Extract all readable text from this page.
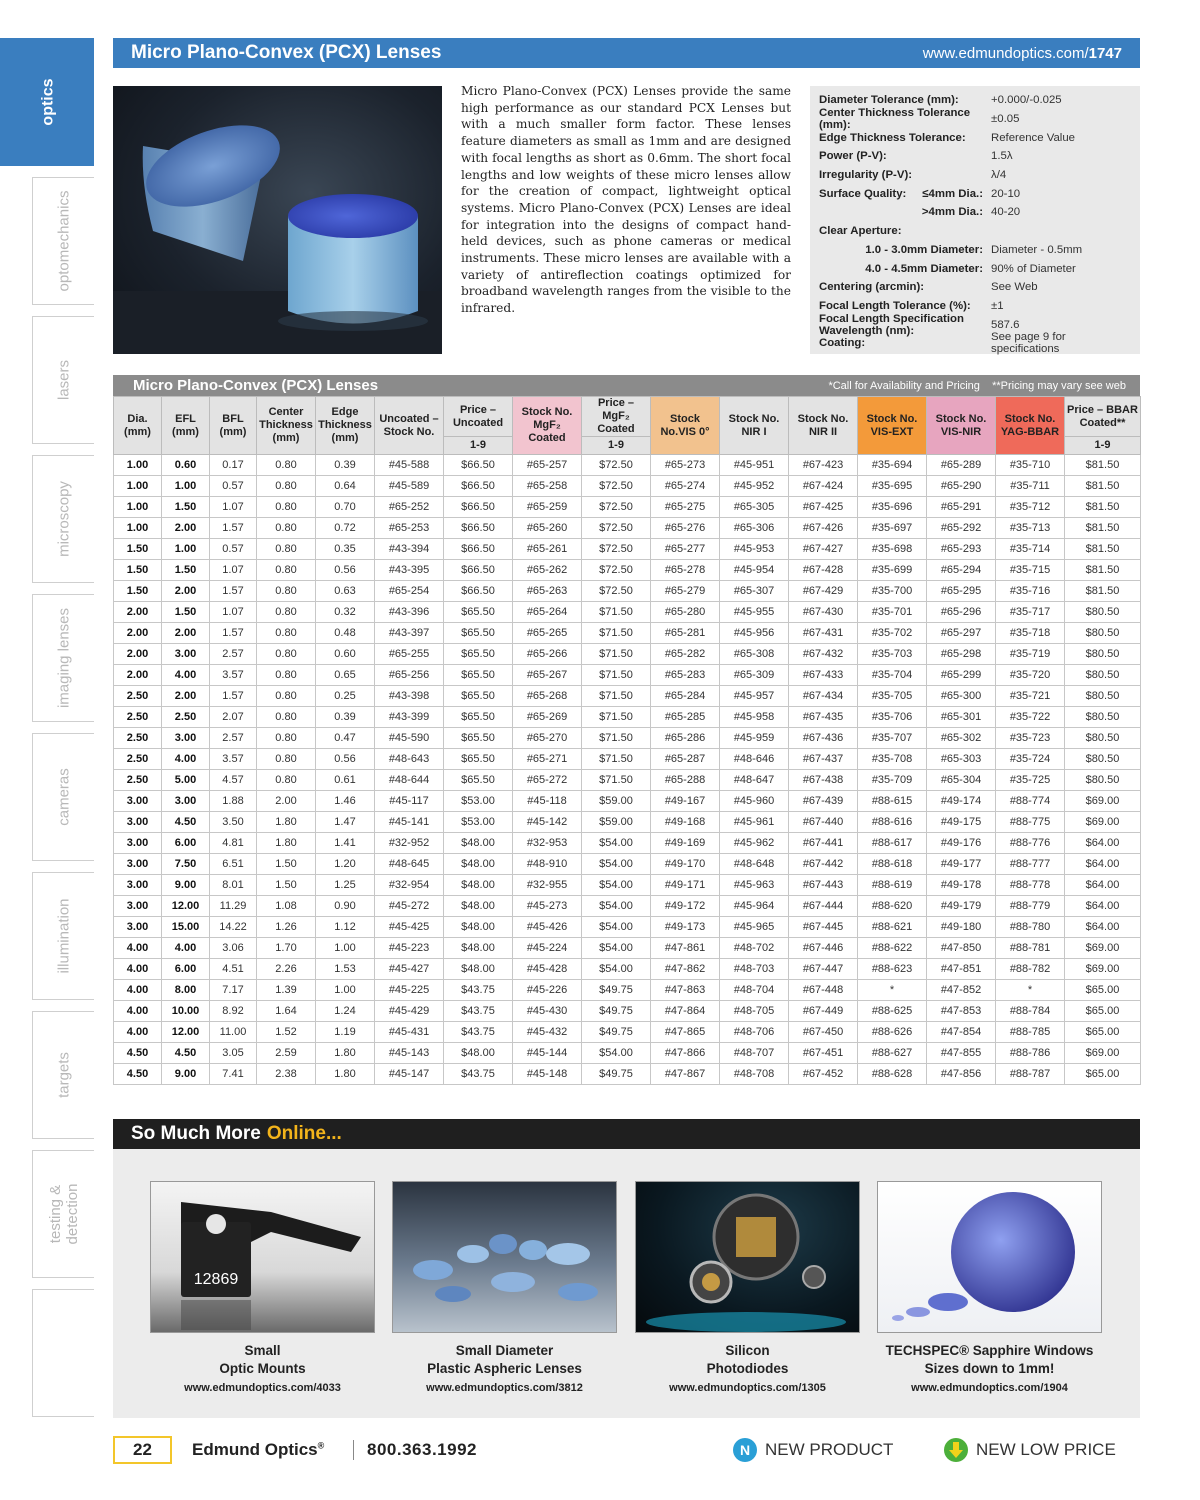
optics
optomechanics
lasers
microscopy
imaging lenses
cameras
illumination
targets
testing &
detection
Micro Plano-Convex (PCX) Lenses	www.edmundoptics.com/1747

Micro Plano-Convex (PCX) Lenses provide the same high performance as our standard PCX Lenses but with a much smaller form factor. These lenses feature diameters as small as 1mm and are designed with focal lengths as short as 0.6mm. The short focal lengths and low weights of these micro lenses allow for the creation of compact, lightweight optical systems. Micro Plano-Convex (PCX) Lenses are ideal for integration into the designs of compact hand-held devices, such as phone cameras or medical instruments. These micro lenses are available with a variety of antireflection coatings optimized for broadband wavelength ranges from the visible to the infrared.

Diameter Tolerance (mm):	+0.000/-0.025
Center Thickness Tolerance (mm):	±0.05
Edge Thickness Tolerance:	Reference Value
Power (P-V):	1.5λ
Irregularity (P-V):	λ/4
Surface Quality: ≤4mm Dia.: 20-10
>4mm Dia.: 40-20
Clear Aperture:
1.0 - 3.0mm Diameter: Diameter - 0.5mm
4.0 - 4.5mm Diameter: 90% of Diameter
Centering (arcmin):	See Web
Focal Length Tolerance (%):	±1
Focal Length Specification Wavelength (nm):	587.6
Coating:	See page 9 for specifications
Micro Plano-Convex (PCX) Lenses	*Call for Availability and Pricing    **Pricing may vary see web
Dia. (mm)	EFL (mm)	BFL (mm)	Center Thickness (mm)	Edge Thickness (mm)	Uncoated – Stock No.	Price – Uncoated	Stock No. MgF₂ Coated	Price – MgF₂ Coated	Stock No.VIS 0°	Stock No. NIR I	Stock No. NIR II	Stock No. VIS-EXT	Stock No. VIS-NIR	Stock No. YAG-BBAR	Price – BBAR Coated**
						1-9		1-9							1-9
1.00	0.60	0.17	0.80	0.39	#45-588	$66.50	#65-257	$72.50	#65-273	#45-951	#67-423	#35-694	#65-289	#35-710	$81.50
1.00	1.00	0.57	0.80	0.64	#45-589	$66.50	#65-258	$72.50	#65-274	#45-952	#67-424	#35-695	#65-290	#35-711	$81.50
1.00	1.50	1.07	0.80	0.70	#65-252	$66.50	#65-259	$72.50	#65-275	#65-305	#67-425	#35-696	#65-291	#35-712	$81.50
1.00	2.00	1.57	0.80	0.72	#65-253	$66.50	#65-260	$72.50	#65-276	#65-306	#67-426	#35-697	#65-292	#35-713	$81.50
1.50	1.00	0.57	0.80	0.35	#43-394	$66.50	#65-261	$72.50	#65-277	#45-953	#67-427	#35-698	#65-293	#35-714	$81.50
1.50	1.50	1.07	0.80	0.56	#43-395	$66.50	#65-262	$72.50	#65-278	#45-954	#67-428	#35-699	#65-294	#35-715	$81.50
1.50	2.00	1.57	0.80	0.63	#65-254	$66.50	#65-263	$72.50	#65-279	#65-307	#67-429	#35-700	#65-295	#35-716	$81.50
2.00	1.50	1.07	0.80	0.32	#43-396	$65.50	#65-264	$71.50	#65-280	#45-955	#67-430	#35-701	#65-296	#35-717	$80.50
2.00	2.00	1.57	0.80	0.48	#43-397	$65.50	#65-265	$71.50	#65-281	#45-956	#67-431	#35-702	#65-297	#35-718	$80.50
2.00	3.00	2.57	0.80	0.60	#65-255	$65.50	#65-266	$71.50	#65-282	#65-308	#67-432	#35-703	#65-298	#35-719	$80.50
2.00	4.00	3.57	0.80	0.65	#65-256	$65.50	#65-267	$71.50	#65-283	#65-309	#67-433	#35-704	#65-299	#35-720	$80.50
2.50	2.00	1.57	0.80	0.25	#43-398	$65.50	#65-268	$71.50	#65-284	#45-957	#67-434	#35-705	#65-300	#35-721	$80.50
2.50	2.50	2.07	0.80	0.39	#43-399	$65.50	#65-269	$71.50	#65-285	#45-958	#67-435	#35-706	#65-301	#35-722	$80.50
2.50	3.00	2.57	0.80	0.47	#45-590	$65.50	#65-270	$71.50	#65-286	#45-959	#67-436	#35-707	#65-302	#35-723	$80.50
2.50	4.00	3.57	0.80	0.56	#48-643	$65.50	#65-271	$71.50	#65-287	#48-646	#67-437	#35-708	#65-303	#35-724	$80.50
2.50	5.00	4.57	0.80	0.61	#48-644	$65.50	#65-272	$71.50	#65-288	#48-647	#67-438	#35-709	#65-304	#35-725	$80.50
3.00	3.00	1.88	2.00	1.46	#45-117	$53.00	#45-118	$59.00	#49-167	#45-960	#67-439	#88-615	#49-174	#88-774	$69.00
3.00	4.50	3.50	1.80	1.47	#45-141	$53.00	#45-142	$59.00	#49-168	#45-961	#67-440	#88-616	#49-175	#88-775	$69.00
3.00	6.00	4.81	1.80	1.41	#32-952	$48.00	#32-953	$54.00	#49-169	#45-962	#67-441	#88-617	#49-176	#88-776	$64.00
3.00	7.50	6.51	1.50	1.20	#48-645	$48.00	#48-910	$54.00	#49-170	#48-648	#67-442	#88-618	#49-177	#88-777	$64.00
3.00	9.00	8.01	1.50	1.25	#32-954	$48.00	#32-955	$54.00	#49-171	#45-963	#67-443	#88-619	#49-178	#88-778	$64.00
3.00	12.00	11.29	1.08	0.90	#45-272	$48.00	#45-273	$54.00	#49-172	#45-964	#67-444	#88-620	#49-179	#88-779	$64.00
3.00	15.00	14.22	1.26	1.12	#45-425	$48.00	#45-426	$54.00	#49-173	#45-965	#67-445	#88-621	#49-180	#88-780	$64.00
4.00	4.00	3.06	1.70	1.00	#45-223	$48.00	#45-224	$54.00	#47-861	#48-702	#67-446	#88-622	#47-850	#88-781	$69.00
4.00	6.00	4.51	2.26	1.53	#45-427	$48.00	#45-428	$54.00	#47-862	#48-703	#67-447	#88-623	#47-851	#88-782	$69.00
4.00	8.00	7.17	1.39	1.00	#45-225	$43.75	#45-226	$49.75	#47-863	#48-704	#67-448	*	#47-852	*	$65.00
4.00	10.00	8.92	1.64	1.24	#45-429	$43.75	#45-430	$49.75	#47-864	#48-705	#67-449	#88-625	#47-853	#88-784	$65.00
4.00	12.00	11.00	1.52	1.19	#45-431	$43.75	#45-432	$49.75	#47-865	#48-706	#67-450	#88-626	#47-854	#88-785	$65.00
4.50	4.50	3.05	2.59	1.80	#45-143	$48.00	#45-144	$54.00	#47-866	#48-707	#67-451	#88-627	#47-855	#88-786	$69.00
4.50	9.00	7.41	2.38	1.80	#45-147	$43.75	#45-148	$49.75	#47-867	#48-708	#67-452	#88-628	#47-856	#88-787	$65.00
So Much More Online...
12869
Small
Optic Mounts
www.edmundoptics.com/4033
Small Diameter
Plastic Aspheric Lenses
www.edmundoptics.com/3812
Silicon
Photodiodes
www.edmundoptics.com/1305
TECHSPEC® Sapphire Windows
Sizes down to 1mm!
www.edmundoptics.com/1904
22	Edmund Optics®	800.363.1992	N NEW PRODUCT	NEW LOW PRICE
